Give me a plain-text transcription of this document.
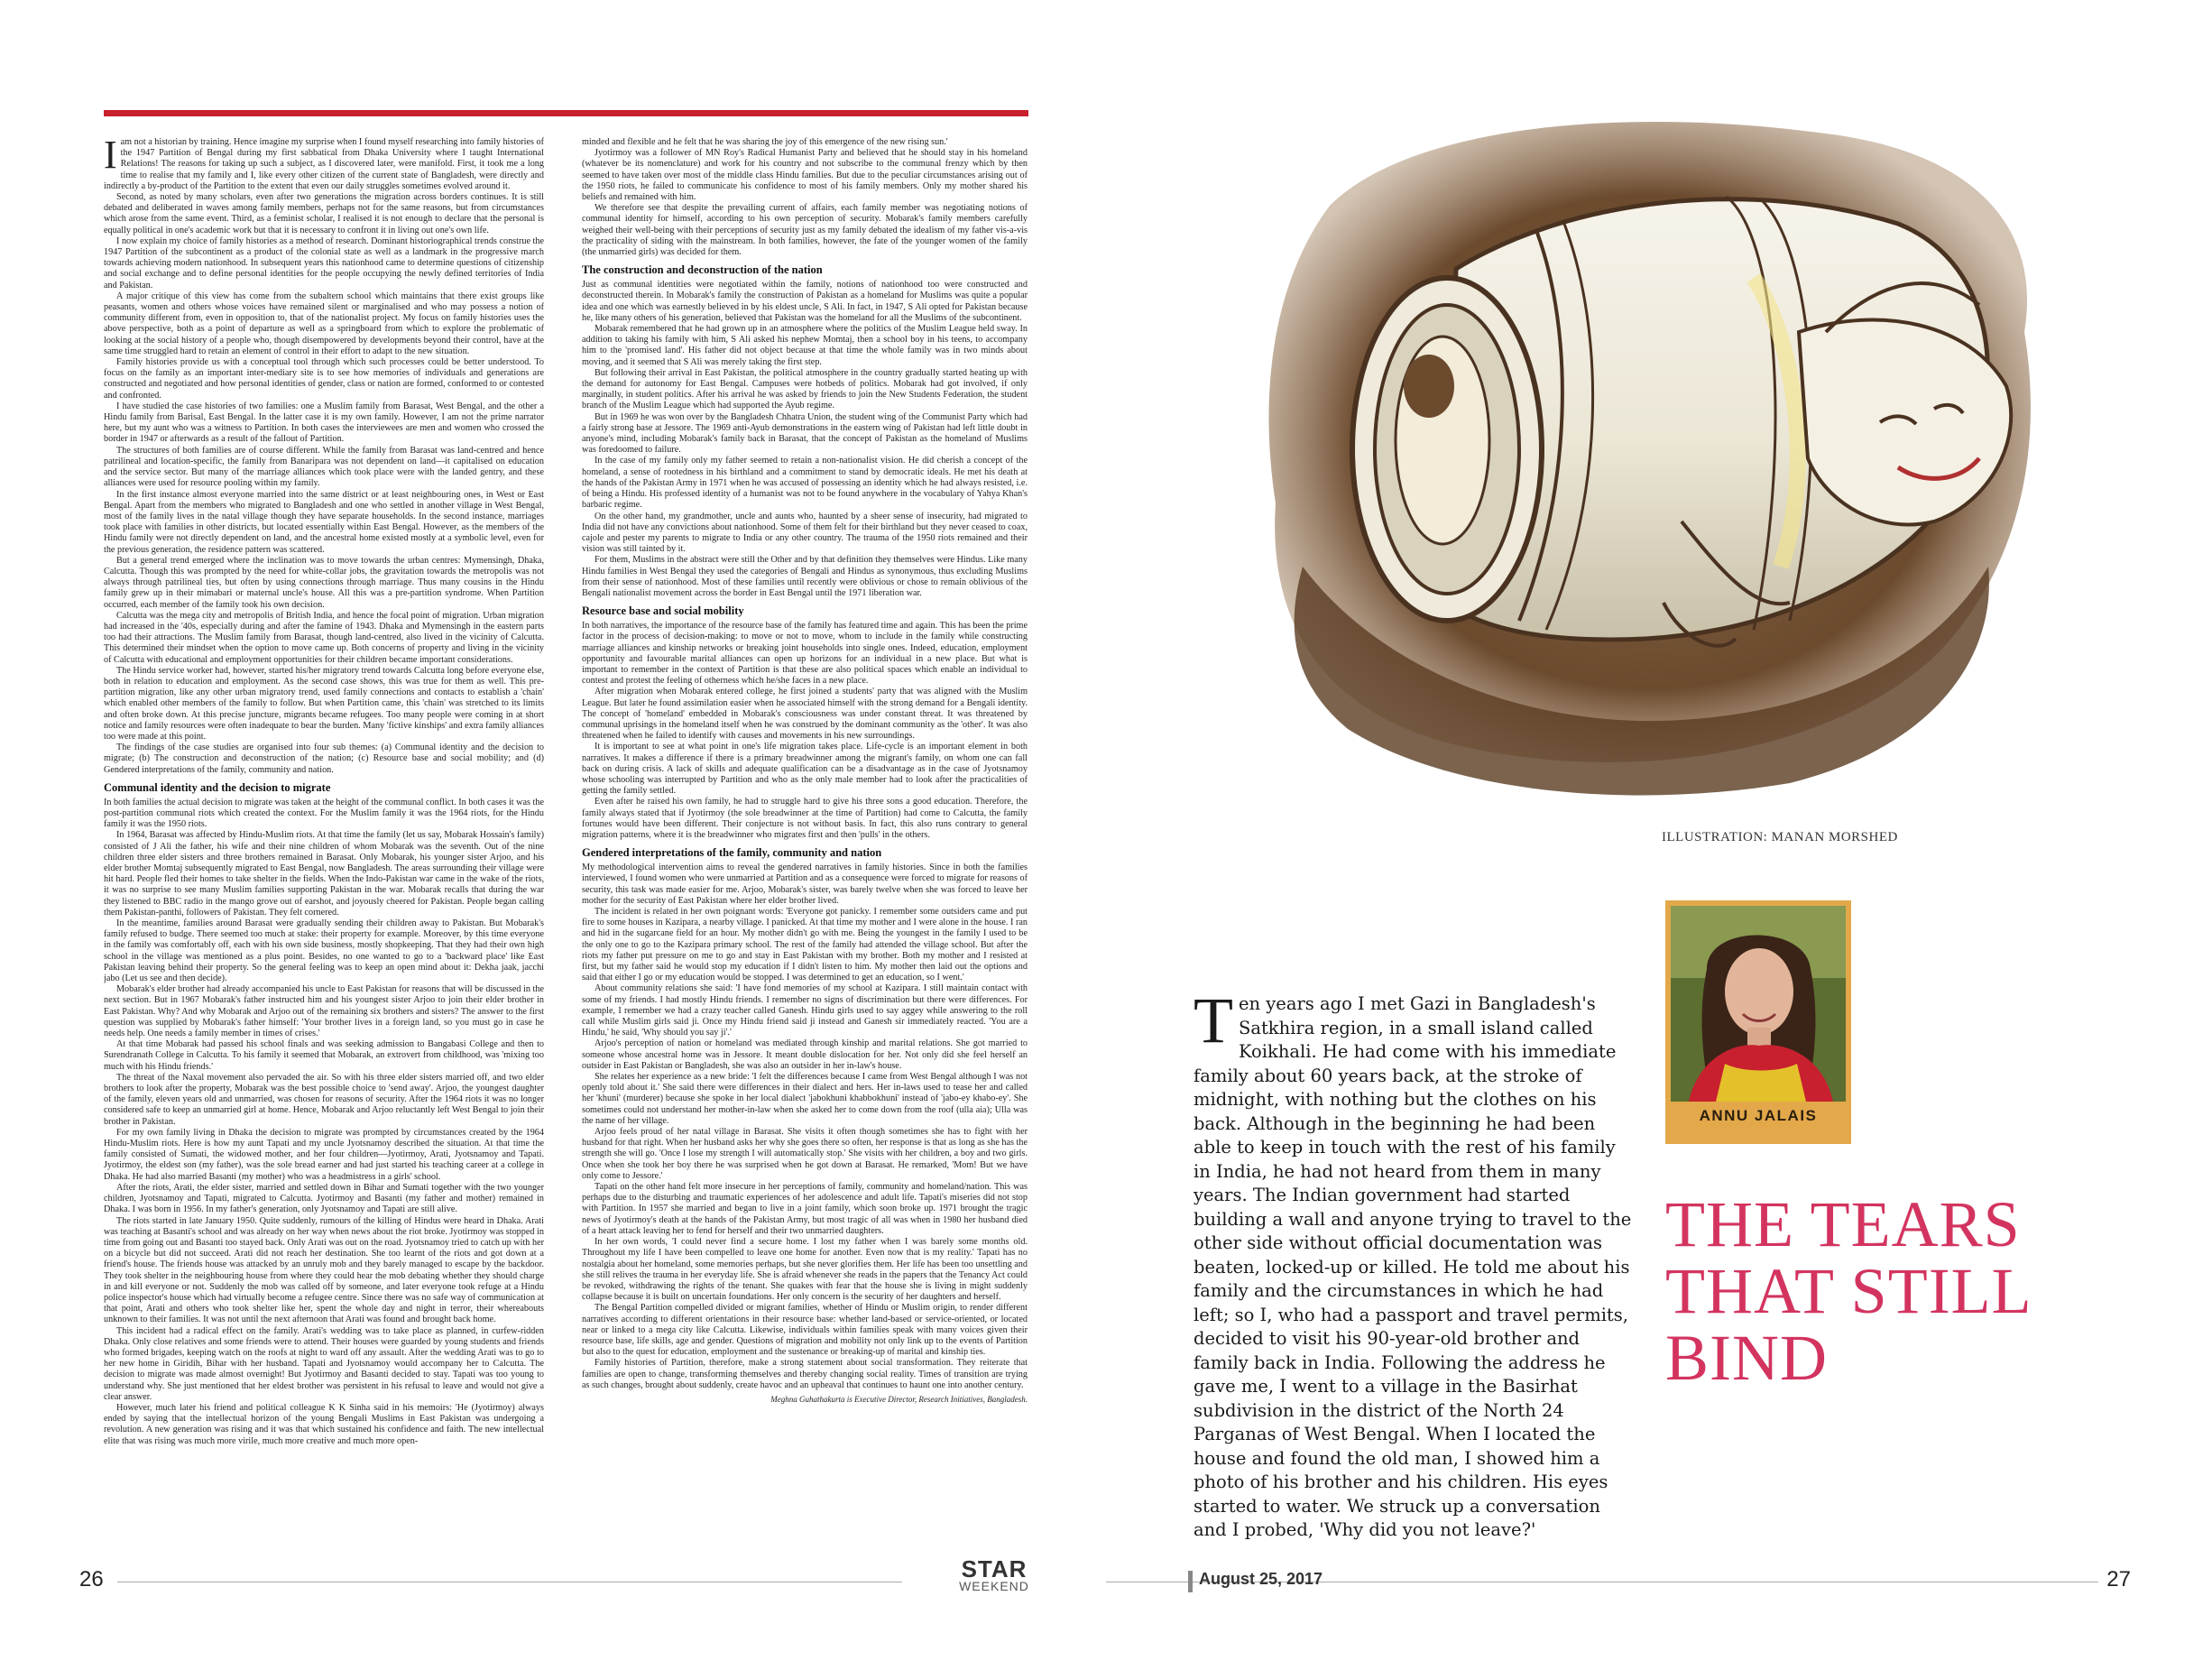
Iam not a historian by training. Hence imagine my surprise when I found myself researching into family histories of the 1947 Partition of Bengal during my first sabbatical from Dhaka University where I taught International Relations! The reasons for taking up such a subject, as I discovered later, were manifold. First, it took me a long time to realise that my family and I, like every other citizen of the current state of Bangladesh, were directly and indirectly a by-product of the Partition to the extent that even our daily struggles sometimes evolved around it.

Second, as noted by many scholars, even after two generations the migration across borders continues. It is still debated and deliberated in waves among family members, perhaps not for the same reasons, but from circumstances which arose from the same event. Third, as a feminist scholar, I realised it is not enough to declare that the personal is equally political in one's academic work but that it is necessary to confront it in living out one's own life.

I now explain my choice of family histories as a method of research. Dominant historiographical trends construe the 1947 Partition of the subcontinent as a product of the colonial state as well as a landmark in the progressive march towards achieving modern nationhood. In subsequent years this nationhood came to determine questions of citizenship and social exchange and to define personal identities for the people occupying the newly defined territories of India and Pakistan.

A major critique of this view has come from the subaltern school which maintains that there exist groups like peasants, women and others whose voices have remained silent or marginalised and who may possess a notion of community different from, even in opposition to, that of the nationalist project. My focus on family histories uses the above perspective, both as a point of departure as well as a springboard from which to explore the problematic of looking at the social history of a people who, though disempowered by developments beyond their control, have at the same time struggled hard to retain an element of control in their effort to adapt to the new situation.

Family histories provide us with a conceptual tool through which such processes could be better understood. To focus on the family as an important inter-mediary site is to see how memories of individuals and generations are constructed and negotiated and how personal identities of gender, class or nation are formed, conformed to or contested and confronted.

I have studied the case histories of two families: one a Muslim family from Barasat, West Bengal, and the other a Hindu family from Barisal, East Bengal. In the latter case it is my own family. However, I am not the prime narrator here, but my aunt who was a witness to Partition. In both cases the interviewees are men and women who crossed the border in 1947 or afterwards as a result of the fallout of Partition.

The structures of both families are of course different. While the family from Barasat was land-centred and hence patrilineal and location-specific, the family from Banaripara was not dependent on land—it capitalised on education and the service sector. But many of the marriage alliances which took place were with the landed gentry, and these alliances were used for resource pooling within my family.

In the first instance almost everyone married into the same district or at least neighbouring ones, in West or East Bengal. Apart from the members who migrated to Bangladesh and one who settled in another village in West Bengal, most of the family lives in the natal village though they have separate households. In the second instance, marriages took place with families in other districts, but located essentially within East Bengal. However, as the members of the Hindu family were not directly dependent on land, and the ancestral home existed mostly at a symbolic level, even for the previous generation, the residence pattern was scattered.

But a general trend emerged where the inclination was to move towards the urban centres: Mymensingh, Dhaka, Calcutta. Though this was prompted by the need for white-collar jobs, the gravitation towards the metropolis was not always through patrilineal ties, but often by using connections through marriage. Thus many cousins in the Hindu family grew up in their mimabari or maternal uncle's house. All this was a pre-partition syndrome. When Partition occurred, each member of the family took his own decision.

Calcutta was the mega city and metropolis of British India, and hence the focal point of migration. Urban migration had increased in the '40s, especially during and after the famine of 1943. Dhaka and Mymensingh in the eastern parts too had their attractions. The Muslim family from Barasat, though land-centred, also lived in the vicinity of Calcutta. This determined their mindset when the option to move came up. Both concerns of property and living in the vicinity of Calcutta with educational and employment opportunities for their children became important considerations.

The Hindu service worker had, however, started his/her migratory trend towards Calcutta long before everyone else, both in relation to education and employment. As the second case shows, this was true for them as well. This pre-partition migration, like any other urban migratory trend, used family connections and contacts to establish a 'chain' which enabled other members of the family to follow. But when Partition came, this 'chain' was stretched to its limits and often broke down. At this precise juncture, migrants became refugees. Too many people were coming in at short notice and family resources were often inadequate to bear the burden. Many 'fictive kinships' and extra family alliances too were made at this point.

The findings of the case studies are organised into four sub themes: (a) Communal identity and the decision to migrate; (b) The construction and deconstruction of the nation; (c) Resource base and social mobility; and (d) Gendered interpretations of the family, community and nation.

Communal identity and the decision to migrate

In both families the actual decision to migrate was taken at the height of the communal conflict. In both cases it was the post-partition communal riots which created the context. For the Muslim family it was the 1964 riots, for the Hindu family it was the 1950 riots.

In 1964, Barasat was affected by Hindu-Muslim riots. At that time the family (let us say, Mobarak Hossain's family) consisted of J Ali the father, his wife and their nine children of whom Mobarak was the seventh. Out of the nine children three elder sisters and three brothers remained in Barasat. Only Mobarak, his younger sister Arjoo, and his elder brother Momtaj subsequently migrated to East Bengal, now Bangladesh. The areas surrounding their village were hit hard. People fled their homes to take shelter in the fields. When the Indo-Pakistan war came in the wake of the riots, it was no surprise to see many Muslim families supporting Pakistan in the war. Mobarak recalls that during the war they listened to BBC radio in the mango grove out of earshot, and joyously cheered for Pakistan. People began calling them Pakistan-panthi, followers of Pakistan. They felt cornered.

In the meantime, families around Barasat were gradually sending their children away to Pakistan. But Mobarak's family refused to budge. There seemed too much at stake: their property for example. Moreover, by this time everyone in the family was comfortably off, each with his own side business, mostly shopkeeping. That they had their own high school in the village was mentioned as a plus point. Besides, no one wanted to go to a 'backward place' like East Pakistan leaving behind their property. So the general feeling was to keep an open mind about it: Dekha jaak, jacchi jabo (Let us see and then decide).

Mobarak's elder brother had already accompanied his uncle to East Pakistan for reasons that will be discussed in the next section. But in 1967 Mobarak's father instructed him and his youngest sister Arjoo to join their elder brother in East Pakistan. Why? And why Mobarak and Arjoo out of the remaining six brothers and sisters? The answer to the first question was supplied by Mobarak's father himself: 'Your brother lives in a foreign land, so you must go in case he needs help. One needs a family member in times of crises.'

At that time Mobarak had passed his school finals and was seeking admission to Bangabasi College and then to Surendranath College in Calcutta. To his family it seemed that Mobarak, an extrovert from childhood, was 'mixing too much with his Hindu friends.'

The threat of the Naxal movement also pervaded the air. So with his three elder sisters married off, and two elder brothers to look after the property, Mobarak was the best possible choice to 'send away'. Arjoo, the youngest daughter of the family, eleven years old and unmarried, was chosen for reasons of security. After the 1964 riots it was no longer considered safe to keep an unmarried girl at home. Hence, Mobarak and Arjoo reluctantly left West Bengal to join their brother in Pakistan.

For my own family living in Dhaka the decision to migrate was prompted by circumstances created by the 1964 Hindu-Muslim riots. Here is how my aunt Tapati and my uncle Jyotsnamoy described the situation. At that time the family consisted of Sumati, the widowed mother, and her four children—Jyotirmoy, Arati, Jyotsnamoy and Tapati. Jyotirmoy, the eldest son (my father), was the sole bread earner and had just started his teaching career at a college in Dhaka. He had also married Basanti (my mother) who was a headmistress in a girls' school.

After the riots, Arati, the elder sister, married and settled down in Bihar and Sumati together with the two younger children, Jyotsnamoy and Tapati, migrated to Calcutta. Jyotirmoy and Basanti (my father and mother) remained in Dhaka. I was born in 1956. In my father's generation, only Jyotsnamoy and Tapati are still alive.

The riots started in late January 1950. Quite suddenly, rumours of the killing of Hindus were heard in Dhaka. Arati was teaching at Basanti's school and was already on her way when news about the riot broke. Jyotirmoy was stopped in time from going out and Basanti too stayed back. Only Arati was out on the road. Jyotsnamoy tried to catch up with her on a bicycle but did not succeed. Arati did not reach her destination. She too learnt of the riots and got down at a friend's house. The friends house was attacked by an unruly mob and they barely managed to escape by the backdoor. They took shelter in the neighbouring house from where they could hear the mob debating whether they should charge in and kill everyone or not. Suddenly the mob was called off by someone, and later everyone took refuge at a Hindu police inspector's house which had virtually become a refugee centre. Since there was no safe way of communication at that point, Arati and others who took shelter like her, spent the whole day and night in terror, their whereabouts unknown to their families. It was not until the next afternoon that Arati was found and brought back home.

This incident had a radical effect on the family. Arati's wedding was to take place as planned, in curfew-ridden Dhaka. Only close relatives and some friends were to attend. Their houses were guarded by young students and friends who formed brigades, keeping watch on the roofs at night to ward off any assault. After the wedding Arati was to go to her new home in Giridih, Bihar with her husband. Tapati and Jyotsnamoy would accompany her to Calcutta. The decision to migrate was made almost overnight! But Jyotirmoy and Basanti decided to stay. Tapati was too young to understand why. She just mentioned that her eldest brother was persistent in his refusal to leave and would not give a clear answer.

However, much later his friend and political colleague K K Sinha said in his memoirs: 'He (Jyotirmoy) always ended by saying that the intellectual horizon of the young Bengali Muslims in East Pakistan was undergoing a revolution. A new generation was rising and it was that which sustained his confidence and faith. The new intellectual elite that was rising was much more virile, much more creative and much more open-

minded and flexible and he felt that he was sharing the joy of this emergence of the new rising sun.'

Jyotirmoy was a follower of MN Roy's Radical Humanist Party and believed that he should stay in his homeland (whatever be its nomenclature) and work for his country and not subscribe to the communal frenzy which by then seemed to have taken over most of the middle class Hindu families. But due to the peculiar circumstances arising out of the 1950 riots, he failed to communicate his confidence to most of his family members. Only my mother shared his beliefs and remained with him.

We therefore see that despite the prevailing current of affairs, each family member was negotiating notions of communal identity for himself, according to his own perception of security. Mobarak's family members carefully weighed their well-being with their perceptions of security just as my family debated the idealism of my father vis-a-vis the practicality of siding with the mainstream. In both families, however, the fate of the younger women of the family (the unmarried girls) was decided for them.

The construction and deconstruction of the nation

Just as communal identities were negotiated within the family, notions of nationhood too were constructed and deconstructed therein. In Mobarak's family the construction of Pakistan as a homeland for Muslims was quite a popular idea and one which was earnestly believed in by his eldest uncle, S Ali. In fact, in 1947, S Ali opted for Pakistan because he, like many others of his generation, believed that Pakistan was the homeland for all the Muslims of the subcontinent.

Mobarak remembered that he had grown up in an atmosphere where the politics of the Muslim League held sway. In addition to taking his family with him, S Ali asked his nephew Momtaj, then a school boy in his teens, to accompany him to the 'promised land'. His father did not object because at that time the whole family was in two minds about moving, and it seemed that S Ali was merely taking the first step.

But following their arrival in East Pakistan, the political atmosphere in the country gradually started heating up with the demand for autonomy for East Bengal. Campuses were hotbeds of politics. Mobarak had got involved, if only marginally, in student politics. After his arrival he was asked by friends to join the New Students Federation, the student branch of the Muslim League which had supported the Ayub regime.

But in 1969 he was won over by the Bangladesh Chhatra Union, the student wing of the Communist Party which had a fairly strong base at Jessore. The 1969 anti-Ayub demonstrations in the eastern wing of Pakistan had left little doubt in anyone's mind, including Mobarak's family back in Barasat, that the concept of Pakistan as the homeland of Muslims was foredoomed to failure.

In the case of my family only my father seemed to retain a non-nationalist vision. He did cherish a concept of the homeland, a sense of rootedness in his birthland and a commitment to stand by democratic ideals. He met his death at the hands of the Pakistan Army in 1971 when he was accused of possessing an identity which he had always resisted, i.e. of being a Hindu. His professed identity of a humanist was not to be found anywhere in the vocabulary of Yahya Khan's barbaric regime.

On the other hand, my grandmother, uncle and aunts who, haunted by a sheer sense of insecurity, had migrated to India did not have any convictions about nationhood. Some of them felt for their birthland but they never ceased to coax, cajole and pester my parents to migrate to India or any other country. The trauma of the 1950 riots remained and their vision was still tainted by it.

For them, Muslims in the abstract were still the Other and by that definition they themselves were Hindus. Like many Hindu families in West Bengal they used the categories of Bengali and Hindus as synonymous, thus excluding Muslims from their sense of nationhood. Most of these families until recently were oblivious or chose to remain oblivious of the Bengali nationalist movement across the border in East Bengal until the 1971 liberation war.

Resource base and social mobility

In both narratives, the importance of the resource base of the family has featured time and again. This has been the prime factor in the process of decision-making: to move or not to move, whom to include in the family while constructing marriage alliances and kinship networks or breaking joint households into single ones. Indeed, education, employment opportunity and favourable marital alliances can open up horizons for an individual in a new place. But what is important to remember in the context of Partition is that these are also political spaces which enable an individual to contest and protest the feeling of otherness which he/she faces in a new place.

After migration when Mobarak entered college, he first joined a students' party that was aligned with the Muslim League. But later he found assimilation easier when he associated himself with the strong demand for a Bengali identity. The concept of 'homeland' embedded in Mobarak's consciousness was under constant threat. It was threatened by communal uprisings in the homeland itself when he was construed by the dominant community as the 'other'. It was also threatened when he failed to identify with causes and movements in his new surroundings.

It is important to see at what point in one's life migration takes place. Life-cycle is an important element in both narratives. It makes a difference if there is a primary breadwinner among the migrant's family, on whom one can fall back on during crisis. A lack of skills and adequate qualification can be a disadvantage as in the case of Jyotsnamoy whose schooling was interrupted by Partition and who as the only male member had to look after the practicalities of getting the family settled.

Even after he raised his own family, he had to struggle hard to give his three sons a good education. Therefore, the family always stated that if Jyotirmoy (the sole breadwinner at the time of Partition) had come to Calcutta, the family fortunes would have been different. Their conjecture is not without basis. In fact, this also runs contrary to general migration patterns, where it is the breadwinner who migrates first and then 'pulls' in the others.

Gendered interpretations of the family, community and nation

My methodological intervention aims to reveal the gendered narratives in family histories. Since in both the families interviewed, I found women who were unmarried at Partition and as a consequence were forced to migrate for reasons of security, this task was made easier for me. Arjoo, Mobarak's sister, was barely twelve when she was forced to leave her mother for the security of East Pakistan where her elder brother lived.

The incident is related in her own poignant words: 'Everyone got panicky. I remember some outsiders came and put fire to some houses in Kazipara, a nearby village. I panicked. At that time my mother and I were alone in the house. I ran and hid in the sugarcane field for an hour. My mother didn't go with me. Being the youngest in the family I used to be the only one to go to the Kazipara primary school. The rest of the family had attended the village school. But after the riots my father put pressure on me to go and stay in East Pakistan with my brother. Both my mother and I resisted at first, but my father said he would stop my education if I didn't listen to him. My mother then laid out the options and said that either I go or my education would be stopped. I was determined to get an education, so I went.'

About community relations she said: 'I have fond memories of my school at Kazipara. I still maintain contact with some of my friends. I had mostly Hindu friends. I remember no signs of discrimination but there were differences. For example, I remember we had a crazy teacher called Ganesh. Hindu girls used to say aggey while answering to the roll call while Muslim girls said ji. Once my Hindu friend said ji instead and Ganesh sir immediately reacted. 'You are a Hindu,' he said, 'Why should you say ji'.'

Arjoo's perception of nation or homeland was mediated through kinship and marital relations. She got married to someone whose ancestral home was in Jessore. It meant double dislocation for her. Not only did she feel herself an outsider in East Pakistan or Bangladesh, she was also an outsider in her in-law's house.

She relates her experience as a new bride: 'I felt the differences because I came from West Bengal although I was not openly told about it.' She said there were differences in their dialect and hers. Her in-laws used to tease her and called her 'khuni' (murderer) because she spoke in her local dialect 'jabokhuni khabbokhuni' instead of 'jabo-ey khabo-ey'. She sometimes could not understand her mother-in-law when she asked her to come down from the roof (ulla aia); Ulla was the name of her village.

Arjoo feels proud of her natal village in Barasat. She visits it often though sometimes she has to fight with her husband for that right. When her husband asks her why she goes there so often, her response is that as long as she has the strength she will go. 'Once I lose my strength I will automatically stop.' She visits with her children, a boy and two girls. Once when she took her boy there he was surprised when he got down at Barasat. He remarked, 'Mom! But we have only come to Jessore.'

Tapati on the other hand felt more insecure in her perceptions of family, community and homeland/nation. This was perhaps due to the disturbing and traumatic experiences of her adolescence and adult life. Tapati's miseries did not stop with Partition. In 1957 she married and began to live in a joint family, which soon broke up. 1971 brought the tragic news of Jyotirmoy's death at the hands of the Pakistan Army, but most tragic of all was when in 1980 her husband died of a heart attack leaving her to fend for herself and their two unmarried daughters.

In her own words, 'I could never find a secure home. I lost my father when I was barely some months old. Throughout my life I have been compelled to leave one home for another. Even now that is my reality.' Tapati has no nostalgia about her homeland, some memories perhaps, but she never glorifies them. Her life has been too unsettling and she still relives the trauma in her everyday life. She is afraid whenever she reads in the papers that the Tenancy Act could be revoked, withdrawing the rights of the tenant. She quakes with fear that the house she is living in might suddenly collapse because it is built on uncertain foundations. Her only concern is the security of her daughters and herself.

The Bengal Partition compelled divided or migrant families, whether of Hindu or Muslim origin, to render different narratives according to different orientations in their resource base: whether land-based or service-oriented, or located near or linked to a mega city like Calcutta. Likewise, individuals within families speak with many voices given their resource base, life skills, age and gender. Questions of migration and mobility not only link up to the events of Partition but also to the quest for education, employment and the sustenance or breaking-up of marital and kinship ties.

Family histories of Partition, therefore, make a strong statement about social transformation. They reiterate that families are open to change, transforming themselves and thereby changing social reality. Times of transition are trying as such changes, brought about suddenly, create havoc and an upheaval that continues to haunt one into another century.

Meghna Guhathakurta is Executive Director, Research Initiatives, Bangladesh.
26	STAR
WEEKEND	August 25, 2017	27
ILLUSTRATION: MANAN MORSHED
ANNU JALAIS
Ten years ago I met Gazi in Bangladesh's Satkhira region, in a small island called Koikhali. He had come with his immediate family about 60 years back, at the stroke of midnight, with nothing but the clothes on his back. Although in the beginning he had been able to keep in touch with the rest of his family in India, he had not heard from them in many years. The Indian government had started building a wall and anyone trying to travel to the other side without official documentation was beaten, locked-up or killed. He told me about his family and the circumstances in which he had left; so I, who had a passport and travel permits, decided to visit his 90-year-old brother and family back in India. Following the address he gave me, I went to a village in the Basirhat subdivision in the district of the North 24 Parganas of West Bengal. When I located the house and found the old man, I showed him a photo of his brother and his children. His eyes started to water. We struck up a conversation and I probed, 'Why did you not leave?'
THE TEARS THAT STILL BIND
